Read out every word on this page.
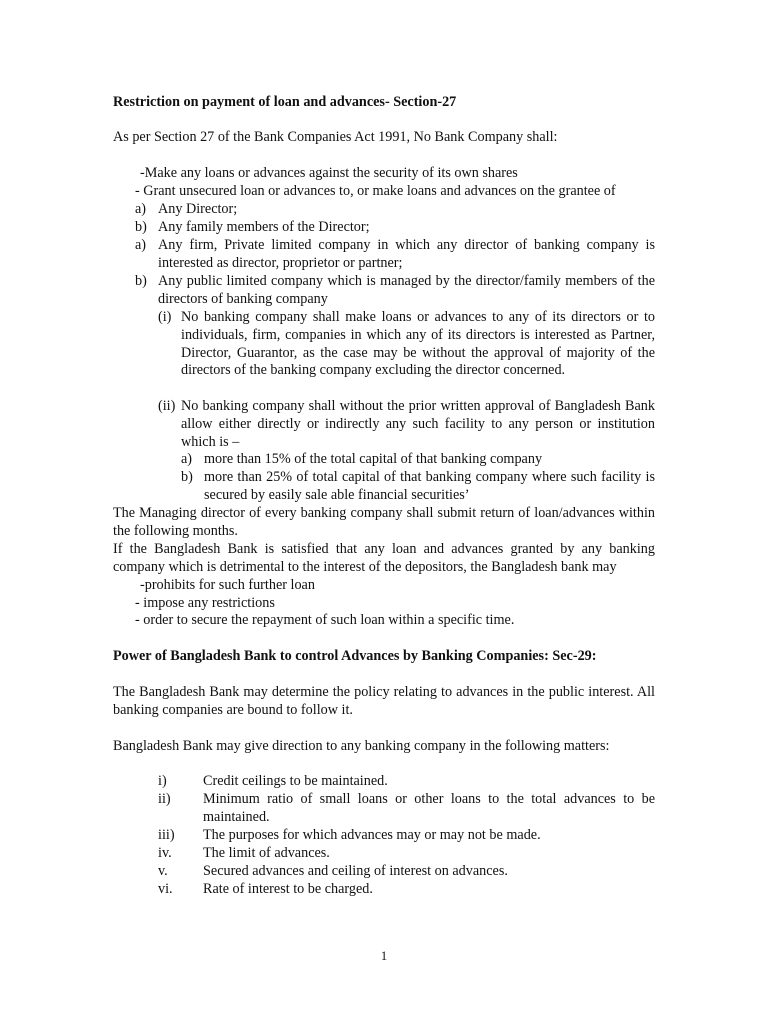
Restriction on payment of loan and advances- Section-27

As per Section 27 of the Bank Companies Act 1991, No Bank Company shall:

-Make any loans or advances against the security of its own shares

- Grant unsecured loan or advances to, or make loans and advances on the grantee of

a) Any Director;
b) Any family members of the Director;
a) Any firm, Private limited company in which any director of banking company is interested as director, proprietor or partner;

b) Any public limited company which is managed by the director/family members of the directors of banking company

(i) No banking company shall make loans or advances to any of its directors or to individuals, firm, companies in which any of its directors is interested as Partner, Director, Guarantor, as the case may be without the approval of majority of the directors of the banking company excluding the director concerned.

(ii) No banking company shall without the prior written approval of Bangladesh Bank allow either directly or indirectly any such facility to any person or institution which is –

a) more than 15% of the total capital of that banking company
b) more than 25% of total capital of that banking company where such facility is secured by easily sale able financial securities’

The Managing director of every banking company shall submit return of loan/advances within the following months.

If the Bangladesh Bank is satisfied that any loan and advances granted by any banking company which is detrimental to the interest of the depositors, the Bangladesh bank may

-prohibits for such further loan

- impose any restrictions

- order to secure the repayment of such loan within a specific time.

Power of Bangladesh Bank to control Advances by Banking Companies: Sec-29:

The Bangladesh Bank may determine the policy relating to advances in the public interest. All banking companies are bound to follow it.

Bangladesh Bank may give direction to any banking company in the following matters:

i)	Credit ceilings to be maintained.
ii) Minimum ratio of small loans or other loans to the total advances to be maintained.

iii) The purposes for which advances may or may not be made.
iv. The limit of advances.
v. Secured advances and ceiling of interest on advances.
vi. Rate of interest to be charged.
1
